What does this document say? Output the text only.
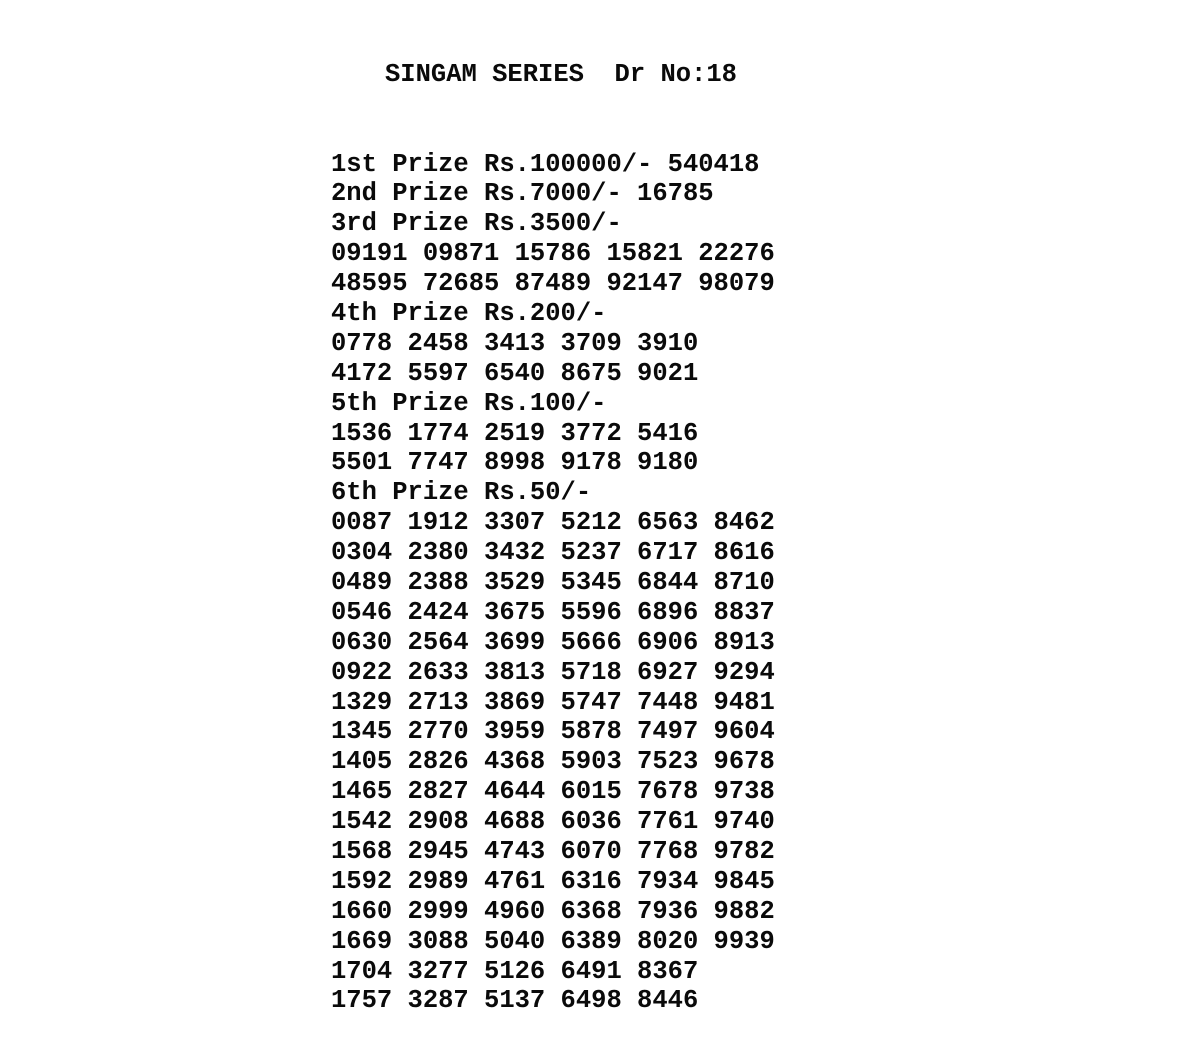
SINGAM SERIES  Dr No:18

1st Prize Rs.100000/- 540418
2nd Prize Rs.7000/- 16785
3rd Prize Rs.3500/-
09191 09871 15786 15821 22276
48595 72685 87489 92147 98079
4th Prize Rs.200/-
0778 2458 3413 3709 3910
4172 5597 6540 8675 9021
5th Prize Rs.100/-
1536 1774 2519 3772 5416
5501 7747 8998 9178 9180
6th Prize Rs.50/-
0087 1912 3307 5212 6563 8462
0304 2380 3432 5237 6717 8616
0489 2388 3529 5345 6844 8710
0546 2424 3675 5596 6896 8837
0630 2564 3699 5666 6906 8913
0922 2633 3813 5718 6927 9294
1329 2713 3869 5747 7448 9481
1345 2770 3959 5878 7497 9604
1405 2826 4368 5903 7523 9678
1465 2827 4644 6015 7678 9738
1542 2908 4688 6036 7761 9740
1568 2945 4743 6070 7768 9782
1592 2989 4761 6316 7934 9845
1660 2999 4960 6368 7936 9882
1669 3088 5040 6389 8020 9939
1704 3277 5126 6491 8367
1757 3287 5137 6498 8446
